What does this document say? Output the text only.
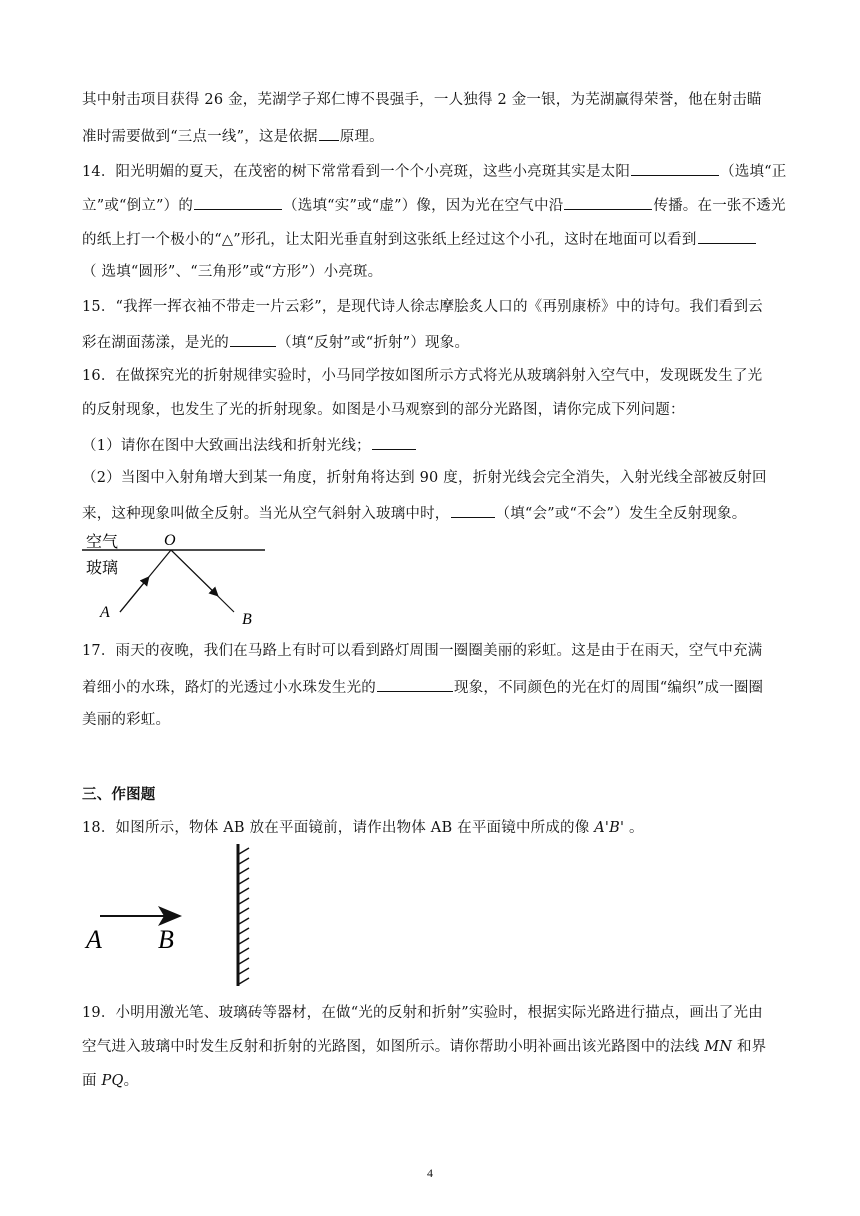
其中射击项目获得 26 金，芜湖学子郑仁博不畏强手，一人独得 2 金一银，为芜湖赢得荣誉，他在射击瞄
准时需要做到“三点一线”，这是依据 原理。
14．阳光明媚的夏天，在茂密的树下常常看到一个个小亮斑，这些小亮斑其实是太阳	（选填“正
立”或“倒立”）的	（选填“实”或“虚”）像，因为光在空气中沿	传播。在一张不透光
的纸上打一个极小的“△”形孔，让太阳光垂直射到这张纸上经过这个小孔，这时在地面可以看到
（ 选填“圆形”、“三角形”或“方形”）小亮斑。
15．“我挥一挥衣袖不带走一片云彩”，是现代诗人徐志摩脍炙人口的《再别康桥》中的诗句。我们看到云
彩在湖面荡漾，是光的	（填“反射”或“折射”）现象。
16．在做探究光的折射规律实验时，小马同学按如图所示方式将光从玻璃斜射入空气中，发现既发生了光
的反射现象，也发生了光的折射现象。如图是小马观察到的部分光路图，请你完成下列问题：
（1）请你在图中大致画出法线和折射光线；
（2）当图中入射角增大到某一角度，折射角将达到 90 度，折射光线会完全消失，入射光线全部被反射回
来，这种现象叫做全反射。当光从空气斜射入玻璃中时，	（填“会”或“不会”）发生全反射现象。
空气	O
玻璃
A	B
17．雨天的夜晚，我们在马路上有时可以看到路灯周围一圈圈美丽的彩虹。这是由于在雨天，空气中充满
着细小的水珠，路灯的光透过小水珠发生光的	现象，不同颜色的光在灯的周围“编织”成一圈圈
美丽的彩虹。
三、作图题
18．如图所示，物体 AB 放在平面镜前，请作出物体 AB 在平面镜中所成的像 A'B' 。
A B
19．小明用激光笔、玻璃砖等器材，在做“光的反射和折射”实验时，根据实际光路进行描点，画出了光由
空气进入玻璃中时发生反射和折射的光路图，如图所示。请你帮助小明补画出该光路图中的法线 MN 和界
面 PQ。
4
